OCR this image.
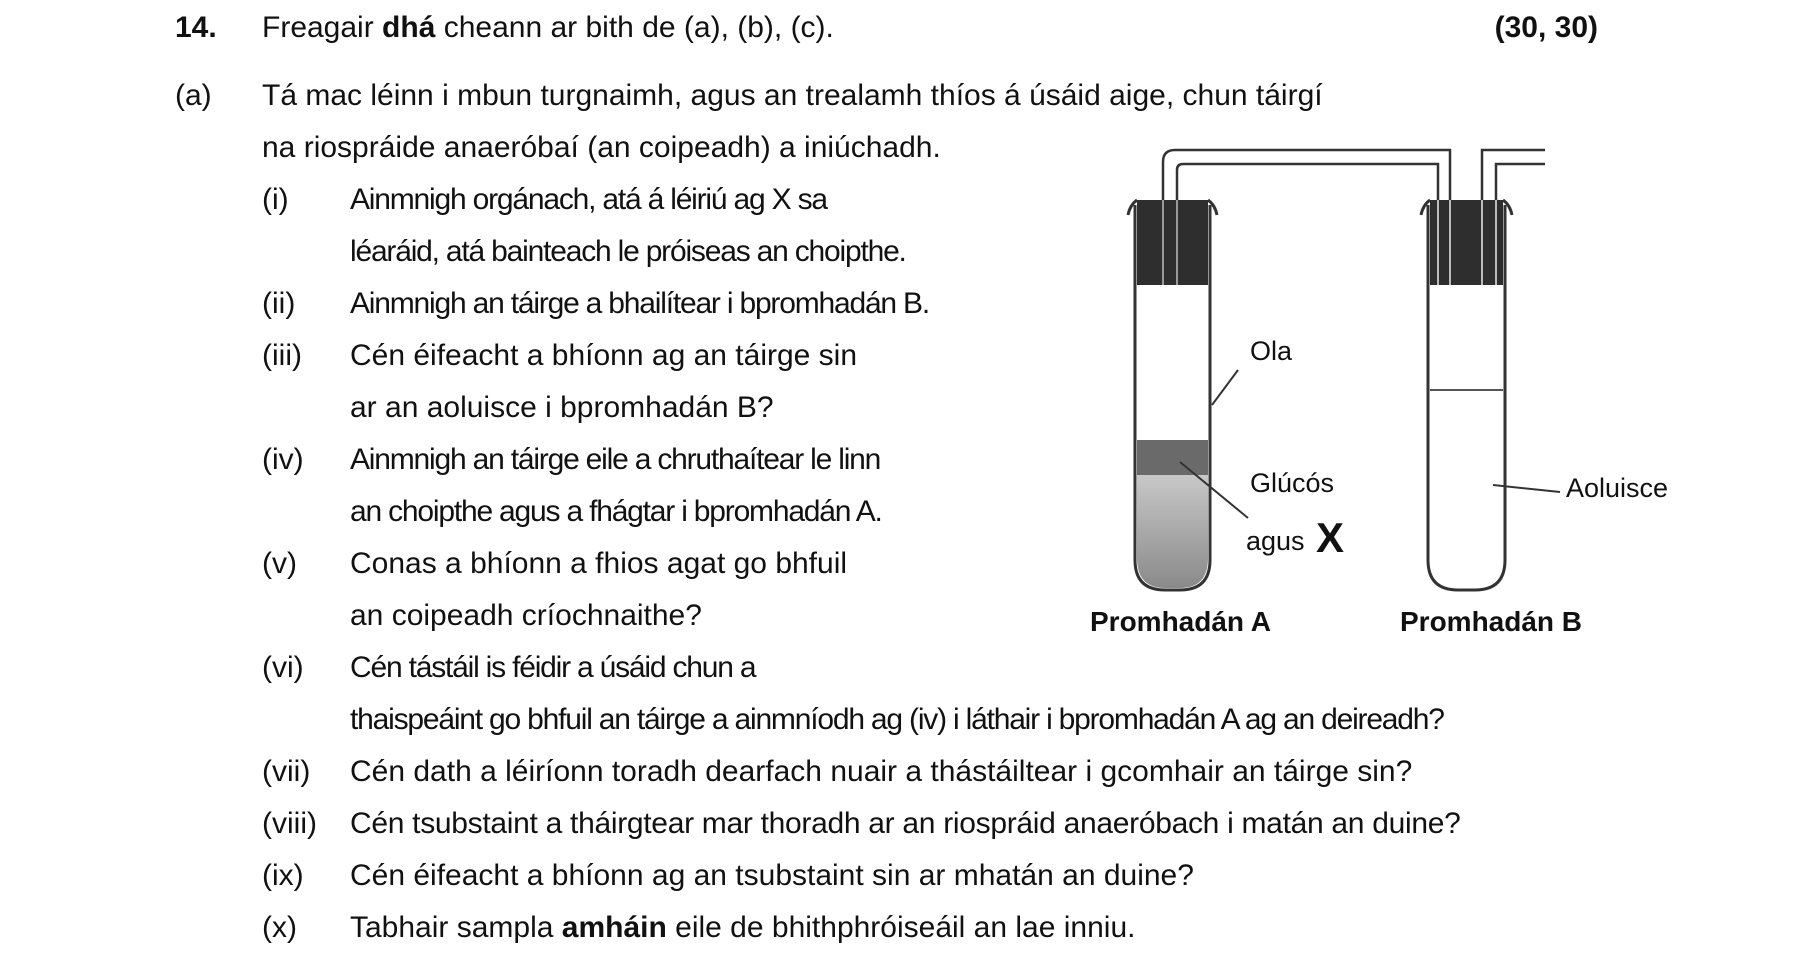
14. Freagair dhá cheann ar bith de (a), (b), (c).	(30, 30)
(a) Tá mac léinn i mbun turgnaimh, agus an trealamh thíos á úsáid aige, chun táirgí
na riospráide anaeróbaí (an coipeadh) a iniúchadh.
(i) Ainmnigh orgánach, atá á léiriú ag X sa
léaráid, atá bainteach le próiseas an choipthe.
(ii) Ainmnigh an táirge a bhailítear i bpromhadán B.
(iii) Cén éifeacht a bhíonn ag an táirge sin
ar an aoluisce i bpromhadán B?
(iv) Ainmnigh an táirge eile a chruthaítear le linn
an choipthe agus a fhágtar i bpromhadán A.
(v) Conas a bhíonn a fhios agat go bhfuil
an coipeadh críochnaithe?
(vi) Cén tástáil is féidir a úsáid chun a
thaispeáint go bhfuil an táirge a ainmníodh ag (iv) i láthair i bpromhadán A ag an deireadh?
(vii) Cén dath a léiríonn toradh dearfach nuair a thástáiltear i gcomhair an táirge sin?
(viii) Cén tsubstaint a tháirgtear mar thoradh ar an riospráid anaeróbach i matán an duine?
(ix) Cén éifeacht a bhíonn ag an tsubstaint sin ar mhatán an duine?
(x) Tabhair sampla amháin eile de bhithphróiseáil an lae inniu.
Ola
Glúcós
agus X
Aoluisce
Promhadán A	Promhadán B
